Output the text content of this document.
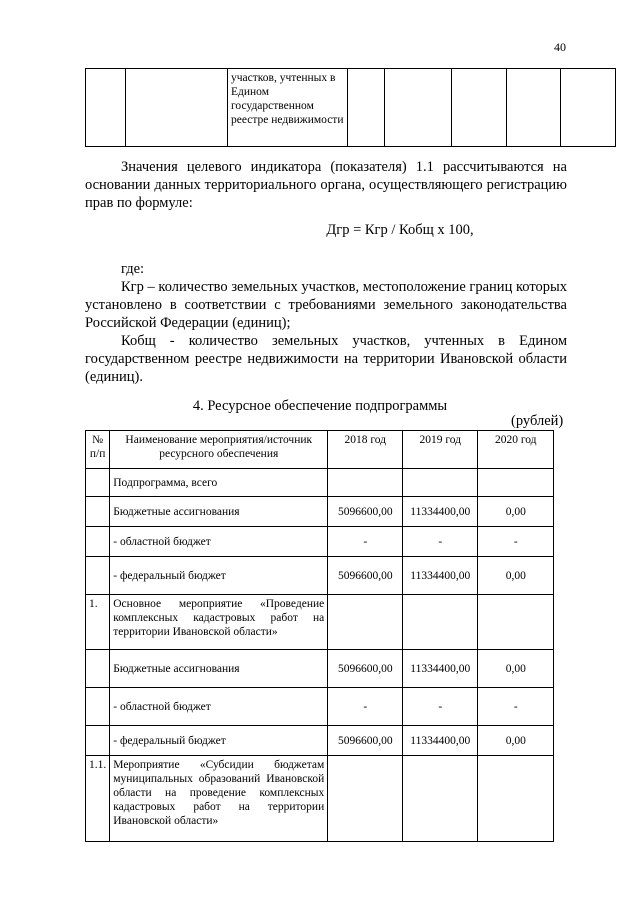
40
		участков, учтенных в Едином государственном реестре недвижимости					
Значения целевого индикатора (показателя) 1.1 рассчитываются на основании данных территориального органа, осуществляющего регистрацию прав по формуле:
Дгр = Кгр / Кобщ х 100,
где:
Кгр – количество земельных участков, местоположение границ которых установлено в соответствии с требованиями земельного законодательства Российской Федерации (единиц);
Кобщ - количество земельных участков, учтенных в Едином государственном реестре недвижимости на территории Ивановской области (единиц).
4. Ресурсное обеспечение подпрограммы
(рублей)
№ п/п	Наименование мероприятия/источник ресурсного обеспечения	2018 год	2019 год	2020 год
	Подпрограмма, всего			
	Бюджетные ассигнования	5096600,00	11334400,00	0,00
	- областной бюджет	-	-	-
	- федеральный бюджет	5096600,00	11334400,00	0,00
1.	Основное мероприятие «Проведение комплексных кадастровых работ на территории Ивановской области»			
	Бюджетные ассигнования	5096600,00	11334400,00	0,00
	- областной бюджет	-	-	-
	- федеральный бюджет	5096600,00	11334400,00	0,00
1.1.	Мероприятие «Субсидии бюджетам муниципальных образований Ивановской области на проведение комплексных кадастровых работ на территории Ивановской области»			
